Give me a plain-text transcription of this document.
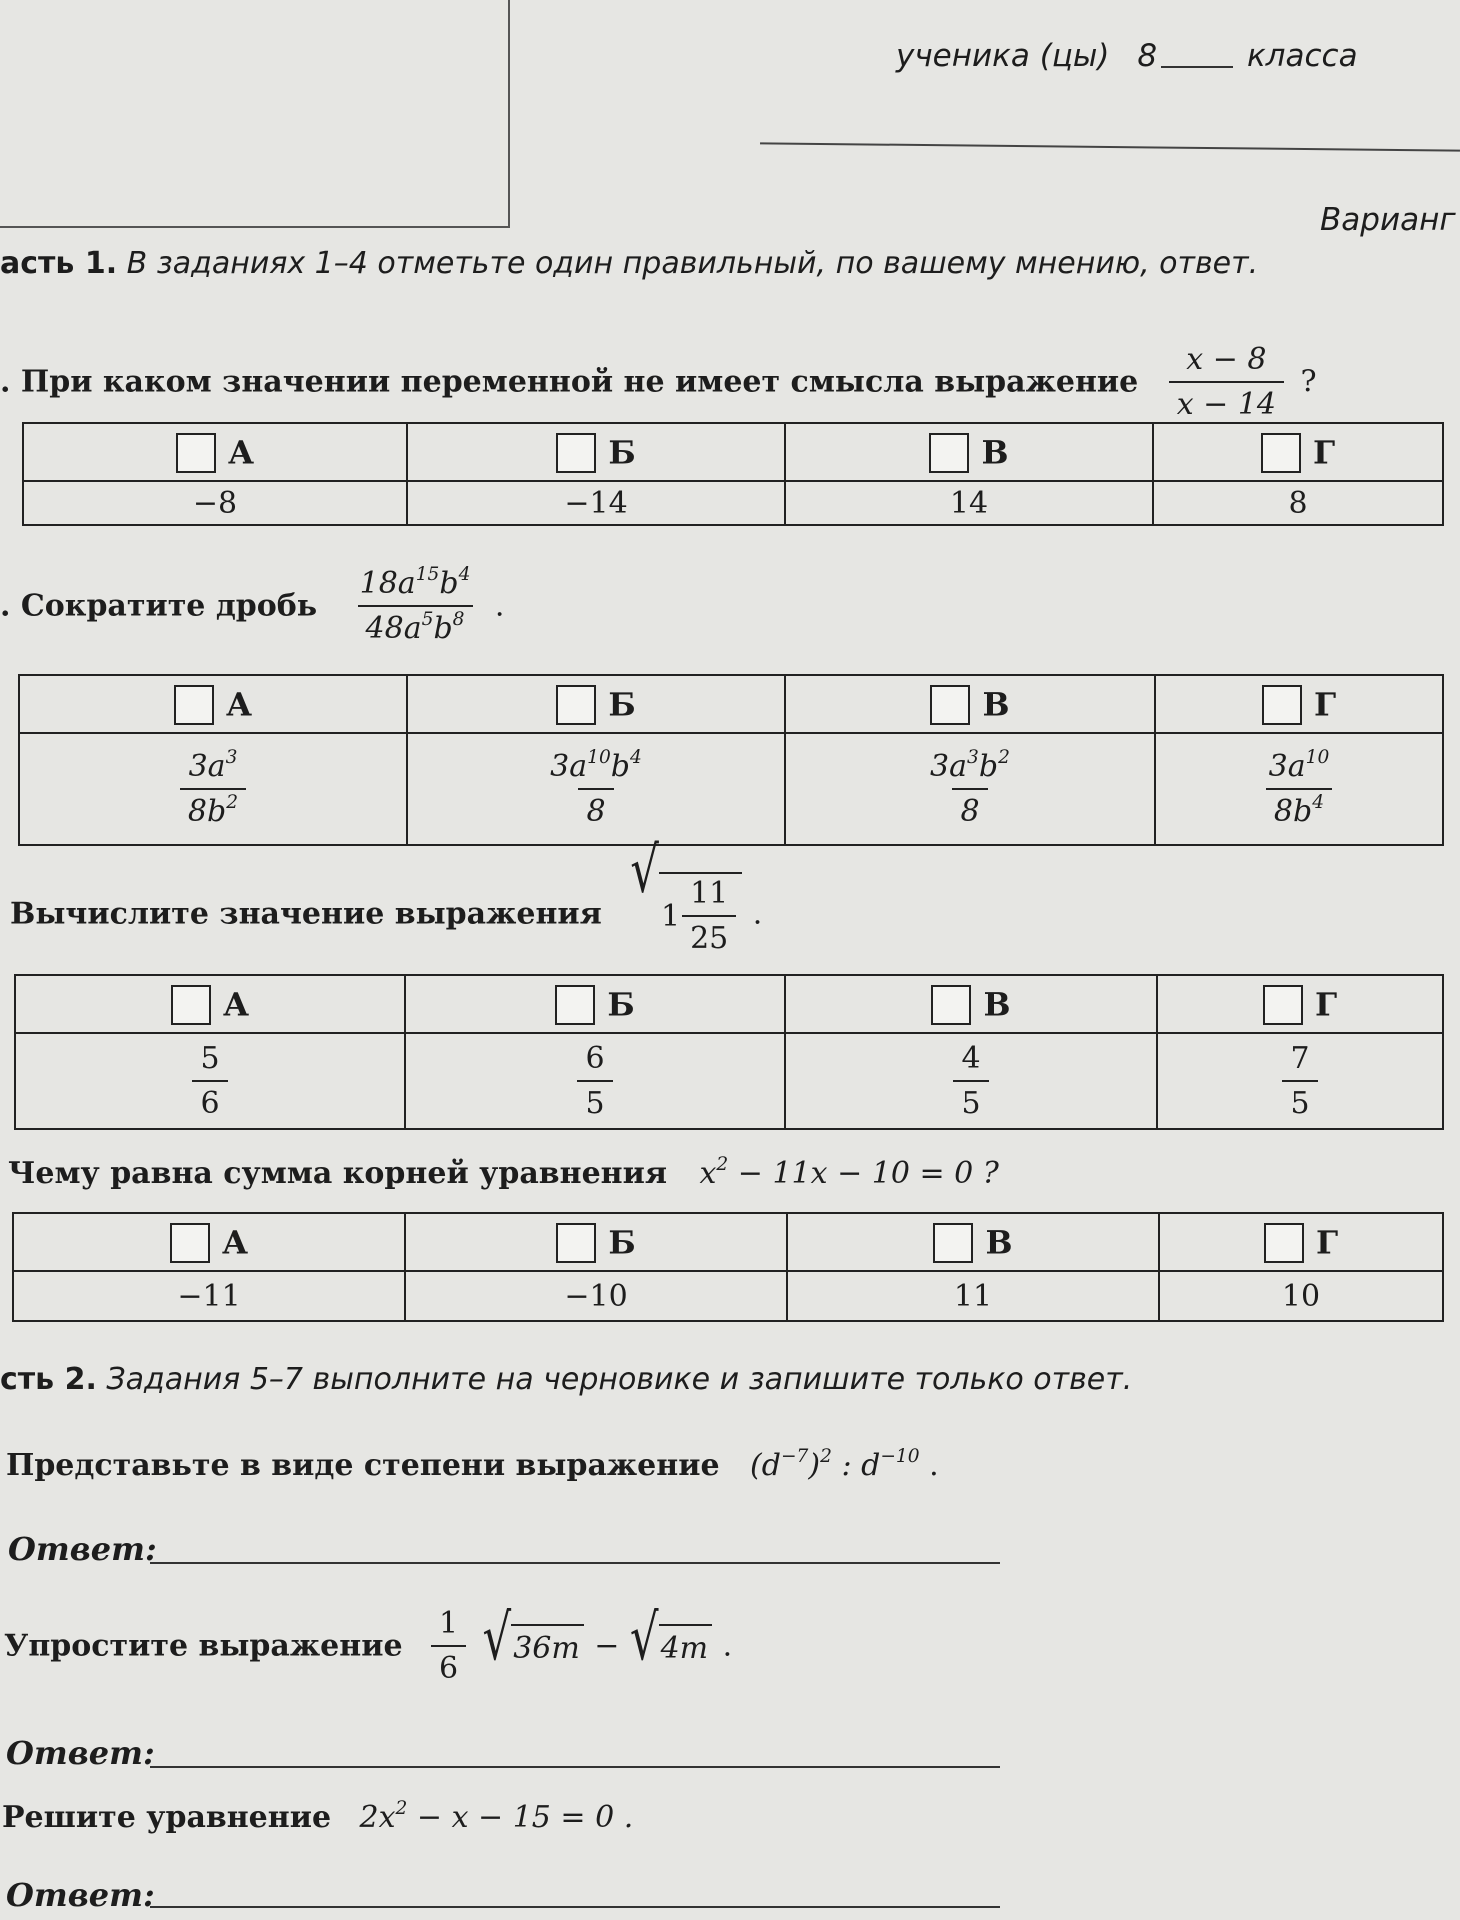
ученика (цы) 8	класса
Варианг
асть 1. В заданиях 1–4 отметьте один правильный, по вашему мнению, ответ.
. При каком значении переменной не имеет смысла выражение $\frac{x - 8}{x - 14}$ ?
А	Б	В	Г
−8	−14	14	8
. Сократите дробь $\frac{18a^{15}b^4}{48a^5b^8}$ .
А	Б	В	Г

$\frac{3a^3}{8b^2}$	$\frac{3a^{10}b^4}{8}$	$\frac{3a^3b^2}{8}$	$\frac{3a^{10}}{8b^4}$
Вычислите значение выражения
√
$1 \frac{11}{25}$ .
А	Б	В	Г

$\frac{5}{6}$	$\frac{6}{5}$	$\frac{4}{5}$	$\frac{7}{5}$
Чему равна сумма корней уравнения $x^2 - 11x - 10 = 0$ ?
А	Б	В	Г
−11	−10	11	10
сть 2. Задания 5–7 выполните на черновике и запишите только ответ.
Представьте в виде степени выражение $(d^{-7})^2$ : $d^{-10}$ .
Ответ:
Упростите выражение $\frac{1}{6}$
√ 36m − √ 4m .
Ответ:
Решите уравнение $2x^2 - x - 15 = 0$ .
Ответ:
